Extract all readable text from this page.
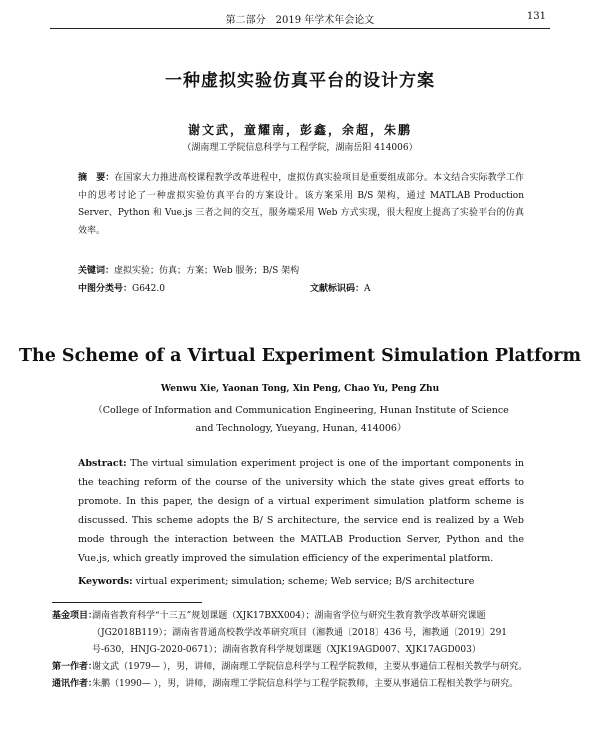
第二部分　2019 年学术年会论文	131
一种虚拟实验仿真平台的设计方案
谢文武，童耀南，彭鑫，余超，朱鹏
（湖南理工学院信息科学与工程学院，湖南岳阳 414006）
摘　要：在国家大力推进高校课程教学改革进程中，虚拟仿真实验项目是重要组成部分。本文结合实际教学工作中的思考讨论了一种虚拟实验仿真平台的方案设计。该方案采用 B/S 架构，通过 MATLAB Production Server、Python 和 Vue.js 三者之间的交互，服务端采用 Web 方式实现，很大程度上提高了实验平台的仿真效率。
关键词：虚拟实验；仿真；方案；Web 服务；B/S 架构
中图分类号：G642.0	文献标识码：A
The Scheme of a Virtual Experiment Simulation Platform
Wenwu Xie, Yaonan Tong, Xin Peng, Chao Yu, Peng Zhu
（College of Information and Communication Engineering, Hunan Institute of Science and Technology, Yueyang, Hunan, 414006）
Abstract: The virtual simulation experiment project is one of the important components in the teaching reform of the course of the university which the state gives great efforts to promote. In this paper, the design of a virtual experiment simulation platform scheme is discussed. This scheme adopts the B/ S architecture, the service end is realized by a Web mode through the interaction between the MATLAB Production Server, Python and the Vue.js, which greatly improved the simulation efficiency of the experimental platform.
Keywords: virtual experiment; simulation; scheme; Web service; B/S architecture
基金项目：
湖南省教育科学“十三五”规划课题（XJK17BXX004）；湖南省学位与研究生教育教学改革研究课题（JG2018B119）；湖南省普通高校教学改革研究项目（湘教通〔2018〕436 号，湘教通〔2019〕291 号-630，HNJG-2020-0671）；湖南省教育科学规划课题（XJK19AGD007、XJK17AGD003）
第一作者：
谢文武（1979— ），男，讲师，湖南理工学院信息科学与工程学院教师，主要从事通信工程相关教学与研究。
通讯作者：
朱鹏（1990— ），男，讲师，湖南理工学院信息科学与工程学院教师，主要从事通信工程相关教学与研究。
